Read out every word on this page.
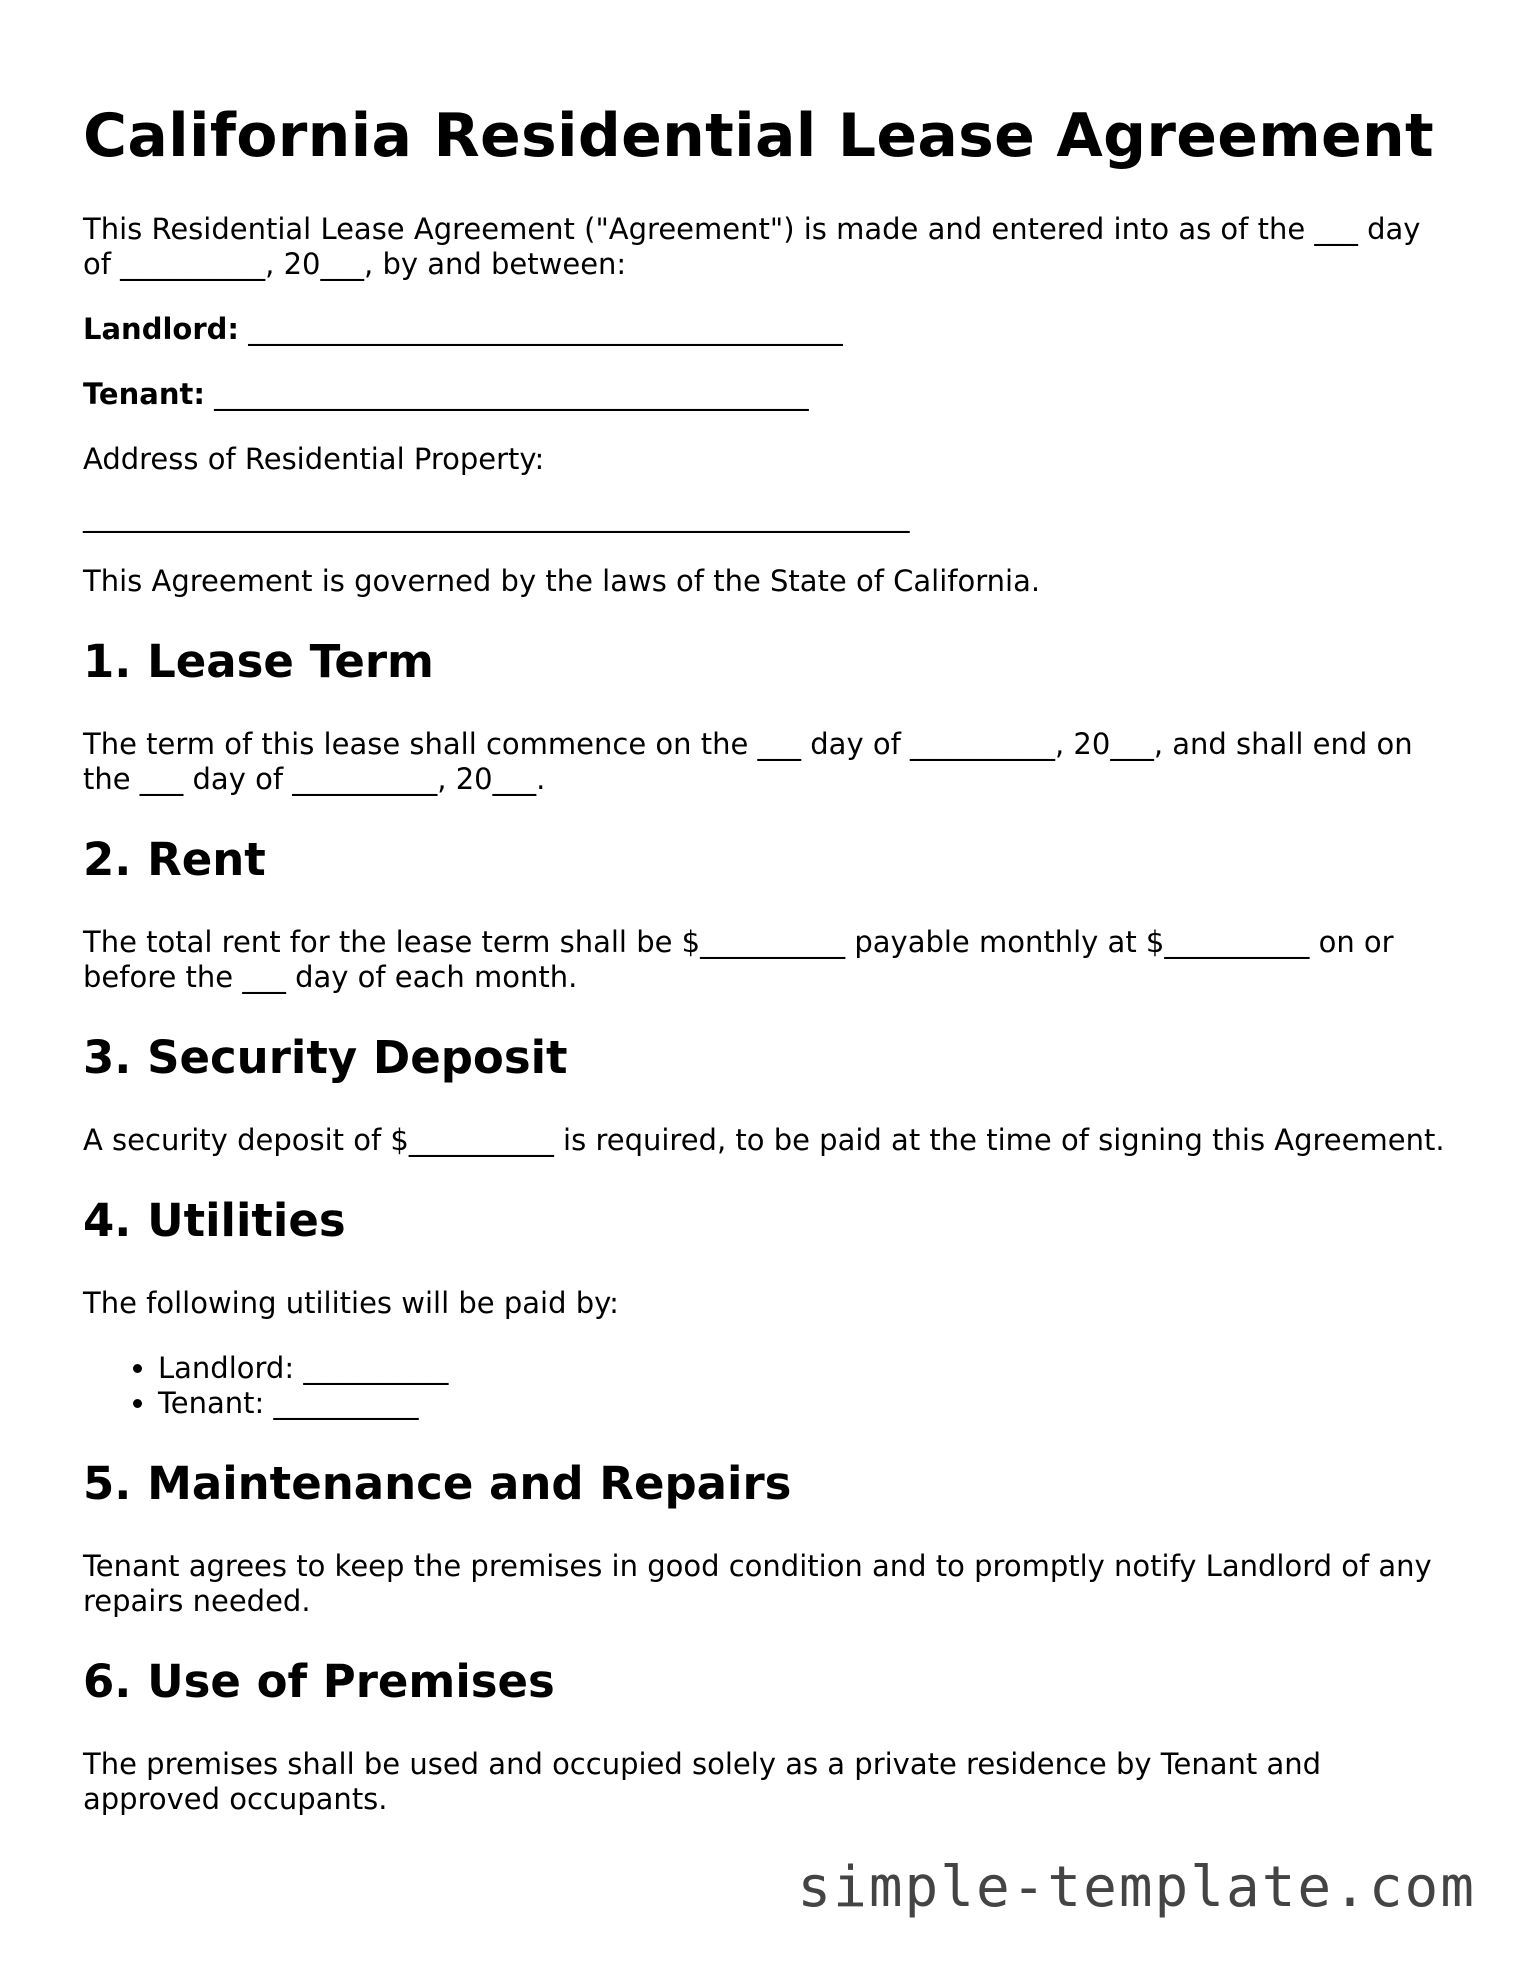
California Residential Lease Agreement

This Residential Lease Agreement ("Agreement") is made and entered into as of the ___ day of __________, 20___, by and between:

Landlord: _________________________________________

Tenant: _________________________________________

Address of Residential Property:

_________________________________________________________

This Agreement is governed by the laws of the State of California.

1. Lease Term

The term of this lease shall commence on the ___ day of __________, 20___, and shall end on the ___ day of __________, 20___.

2. Rent

The total rent for the lease term shall be $__________ payable monthly at $__________ on or before the ___ day of each month.

3. Security Deposit

A security deposit of $__________ is required, to be paid at the time of signing this Agreement.

4. Utilities

The following utilities will be paid by:

• Landlord: __________
• Tenant: __________
5. Maintenance and Repairs

Tenant agrees to keep the premises in good condition and to promptly notify Landlord of any repairs needed.

6. Use of Premises

The premises shall be used and occupied solely as a private residence by Tenant and approved occupants.

simple-template.com
